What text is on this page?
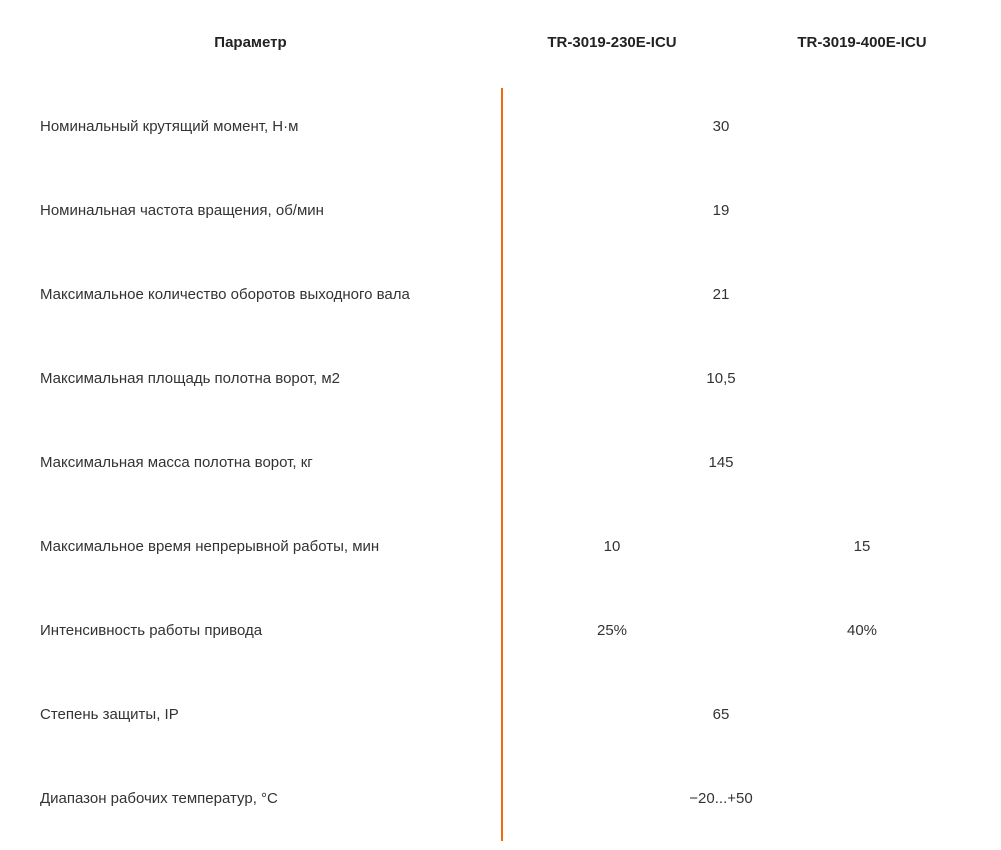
Параметр	TR-3019-230E-ICU	TR-3019-400E-ICU
Номинальный крутящий момент, Н·м	30	

Номинальная частота вращения, об/мин	19	

Максимальное количество оборотов выходного вала	21	

Максимальная площадь полотна ворот, м2	10,5	

Максимальная масса полотна ворот, кг	145	

Максимальное время непрерывной работы, мин	10	15
Интенсивность работы привода	25%	40%
Степень защиты, IP	65	

Диапазон рабочих температур, °С	−20...+50	
